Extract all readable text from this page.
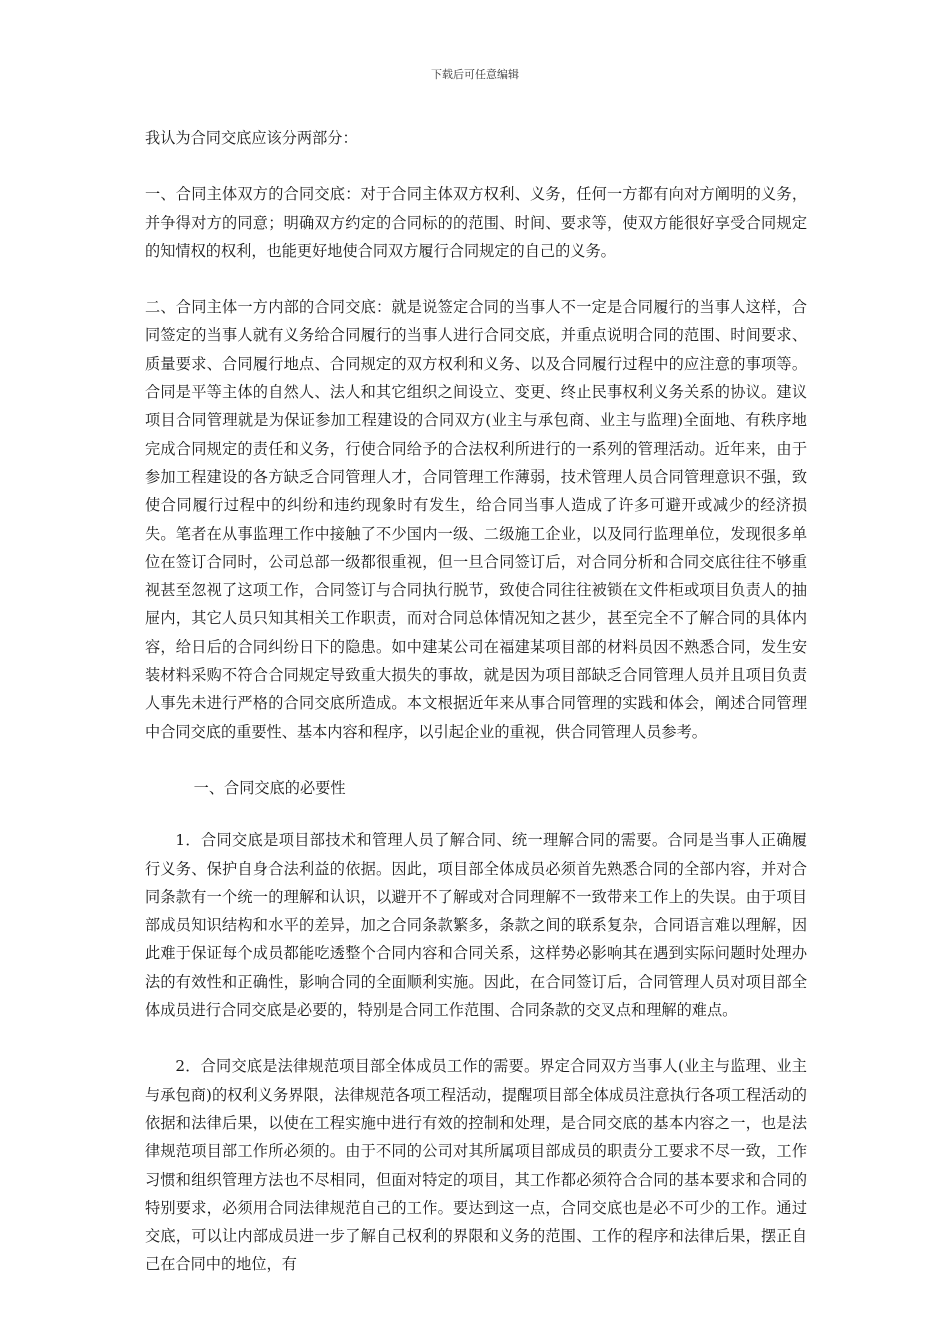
下载后可任意编辑

我认为合同交底应该分两部分：

一、合同主体双方的合同交底：对于合同主体双方权利、义务，任何一方都有向对方阐明的义务，并争得对方的同意；明确双方约定的合同标的的范围、时间、要求等，使双方能很好享受合同规定的知情权的权利，也能更好地使合同双方履行合同规定的自己的义务。

二、合同主体一方内部的合同交底：就是说签定合同的当事人不一定是合同履行的当事人这样，合同签定的当事人就有义务给合同履行的当事人进行合同交底，并重点说明合同的范围、时间要求、质量要求、合同履行地点、合同规定的双方权利和义务、以及合同履行过程中的应注意的事项等。合同是平等主体的自然人、法人和其它组织之间设立、变更、终止民事权利义务关系的协议。建议项目合同管理就是为保证参加工程建设的合同双方(业主与承包商、业主与监理)全面地、有秩序地完成合同规定的责任和义务，行使合同给予的合法权利所进行的一系列的管理活动。近年来，由于参加工程建设的各方缺乏合同管理人才，合同管理工作薄弱，技术管理人员合同管理意识不强，致使合同履行过程中的纠纷和违约现象时有发生，给合同当事人造成了许多可避开或减少的经济损失。笔者在从事监理工作中接触了不少国内一级、二级施工企业，以及同行监理单位，发现很多单位在签订合同时，公司总部一级都很重视，但一旦合同签订后，对合同分析和合同交底往往不够重视甚至忽视了这项工作，合同签订与合同执行脱节，致使合同往往被锁在文件柜或项目负责人的抽屉内，其它人员只知其相关工作职责，而对合同总体情况知之甚少，甚至完全不了解合同的具体内容，给日后的合同纠纷日下的隐患。如中建某公司在福建某项目部的材料员因不熟悉合同，发生安装材料采购不符合合同规定导致重大损失的事故，就是因为项目部缺乏合同管理人员并且项目负责人事先未进行严格的合同交底所造成。本文根据近年来从事合同管理的实践和体会，阐述合同管理中合同交底的重要性、基本内容和程序，以引起企业的重视，供合同管理人员参考。

一、合同交底的必要性

1．合同交底是项目部技术和管理人员了解合同、统一理解合同的需要。合同是当事人正确履行义务、保护自身合法利益的依据。因此，项目部全体成员必须首先熟悉合同的全部内容，并对合同条款有一个统一的理解和认识，以避开不了解或对合同理解不一致带来工作上的失误。由于项目部成员知识结构和水平的差异，加之合同条款繁多，条款之间的联系复杂，合同语言难以理解，因此难于保证每个成员都能吃透整个合同内容和合同关系，这样势必影响其在遇到实际问题时处理办法的有效性和正确性，影响合同的全面顺利实施。因此，在合同签订后，合同管理人员对项目部全体成员进行合同交底是必要的，特别是合同工作范围、合同条款的交叉点和理解的难点。

2．合同交底是法律规范项目部全体成员工作的需要。界定合同双方当事人(业主与监理、业主与承包商)的权利义务界限，法律规范各项工程活动，提醒项目部全体成员注意执行各项工程活动的依据和法律后果，以使在工程实施中进行有效的控制和处理，是合同交底的基本内容之一，也是法律规范项目部工作所必须的。由于不同的公司对其所属项目部成员的职责分工要求不尽一致，工作习惯和组织管理方法也不尽相同，但面对特定的项目，其工作都必须符合合同的基本要求和合同的特别要求，必须用合同法律规范自己的工作。要达到这一点，合同交底也是必不可少的工作。通过交底，可以让内部成员进一步了解自己权利的界限和义务的范围、工作的程序和法律后果，摆正自己在合同中的地位，有
